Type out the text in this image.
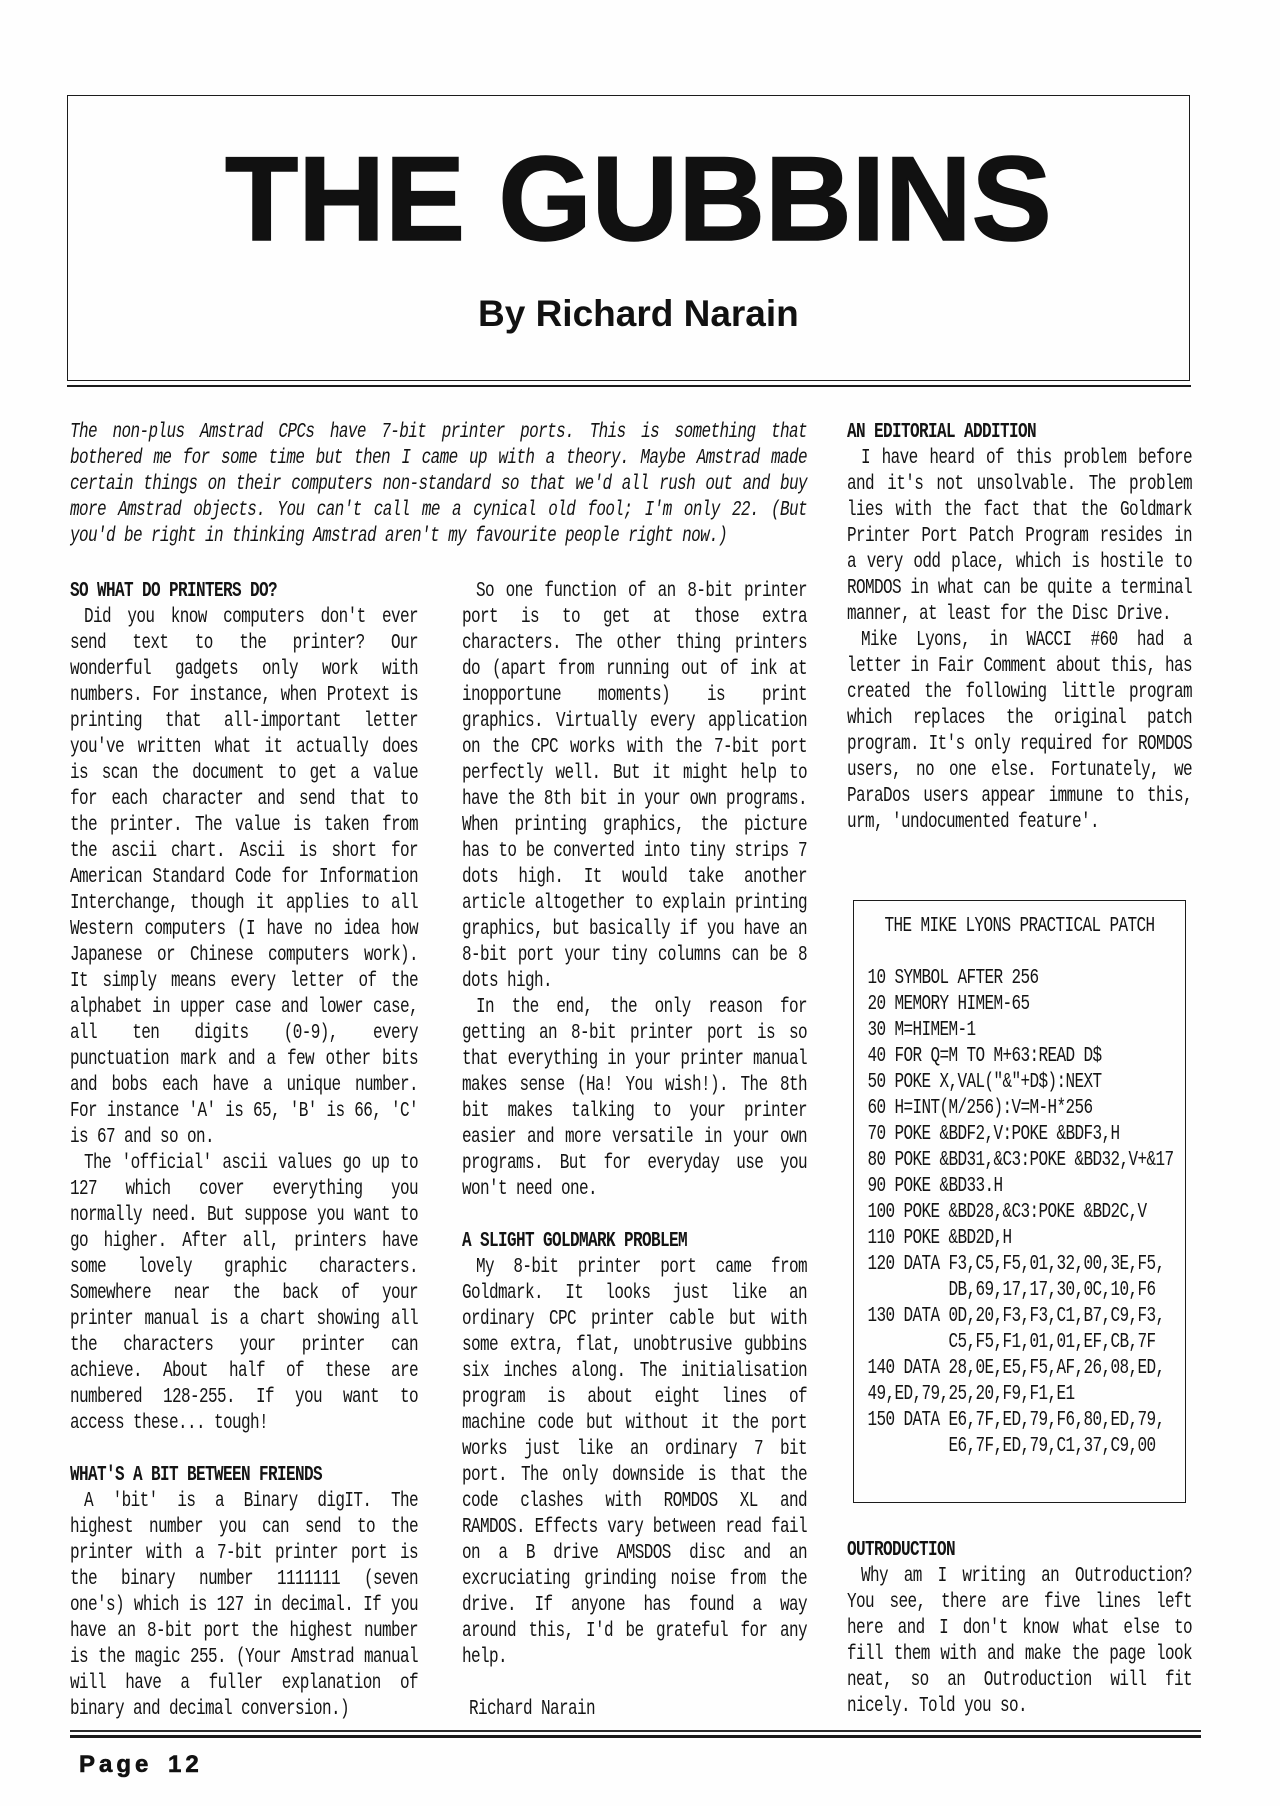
THE GUBBINS
By Richard Narain
The non-plus Amstrad CPCs have 7-bit printer ports. This is something that
bothered me for some time but then I came up with a theory. Maybe Amstrad made
certain things on their computers non-standard so that we'd all rush out and buy
more Amstrad objects. You can't call me a cynical old fool; I'm only 22. (But
you'd be right in thinking Amstrad aren't my favourite people right now.)
SO WHAT DO PRINTERS DO?
Did you know computers don't ever
send text to the printer? Our
wonderful gadgets only work with
numbers. For instance, when Protext is
printing that all-important letter
you've written what it actually does
is scan the document to get a value
for each character and send that to
the printer. The value is taken from
the ascii chart. Ascii is short for
American Standard Code for Information
Interchange, though it applies to all
Western computers (I have no idea how
Japanese or Chinese computers work).
It simply means every letter of the
alphabet in upper case and lower case,
all ten digits (0-9), every
punctuation mark and a few other bits
and bobs each have a unique number.
For instance 'A' is 65, 'B' is 66, 'C'
is 67 and so on.
The 'official' ascii values go up to
127 which cover everything you
normally need. But suppose you want to
go higher. After all, printers have
some lovely graphic characters.
Somewhere near the back of your
printer manual is a chart showing all
the characters your printer can
achieve. About half of these are
numbered 128-255. If you want to
access these... tough!
WHAT'S A BIT BETWEEN FRIENDS
A 'bit' is a Binary digIT. The
highest number you can send to the
printer with a 7-bit printer port is
the binary number 1111111 (seven
one's) which is 127 in decimal. If you
have an 8-bit port the highest number
is the magic 255. (Your Amstrad manual
will have a fuller explanation of
binary and decimal conversion.)
So one function of an 8-bit printer
port is to get at those extra
characters. The other thing printers
do (apart from running out of ink at
inopportune moments) is print
graphics. Virtually every application
on the CPC works with the 7-bit port
perfectly well. But it might help to
have the 8th bit in your own programs.
When printing graphics, the picture
has to be converted into tiny strips 7
dots high. It would take another
article altogether to explain printing
graphics, but basically if you have an
8-bit port your tiny columns can be 8
dots high.
In the end, the only reason for
getting an 8-bit printer port is so
that everything in your printer manual
makes sense (Ha! You wish!). The 8th
bit makes talking to your printer
easier and more versatile in your own
programs. But for everyday use you
won't need one.
A SLIGHT GOLDMARK PROBLEM
My 8-bit printer port came from
Goldmark. It looks just like an
ordinary CPC printer cable but with
some extra, flat, unobtrusive gubbins
six inches along. The initialisation
program is about eight lines of
machine code but without it the port
works just like an ordinary 7 bit
port. The only downside is that the
code clashes with ROMDOS XL and
RAMDOS. Effects vary between read fail
on a B drive AMSDOS disc and an
excruciating grinding noise from the
drive. If anyone has found a way
around this, I'd be grateful for any
help.
Richard Narain
AN EDITORIAL ADDITION
I have heard of this problem before
and it's not unsolvable. The problem
lies with the fact that the Goldmark
Printer Port Patch Program resides in
a very odd place, which is hostile to
ROMDOS in what can be quite a terminal
manner, at least for the Disc Drive.
Mike Lyons, in WACCI #60 had a
letter in Fair Comment about this, has
created the following little program
which replaces the original patch
program. It's only required for ROMDOS
users, no one else. Fortunately, we
ParaDos users appear immune to this,
urm, 'undocumented feature'.
THE MIKE LYONS PRACTICAL PATCH
10 SYMBOL AFTER 256
20 MEMORY HIMEM-65
30 M=HIMEM-1
40 FOR Q=M TO M+63:READ D$
50 POKE X,VAL("&"+D$):NEXT
60 H=INT(M/256):V=M-H*256
70 POKE &BDF2,V:POKE &BDF3,H
80 POKE &BD31,&C3:POKE &BD32,V+&17
90 POKE &BD33.H
100 POKE &BD28,&C3:POKE &BD2C,V
110 POKE &BD2D,H
120 DATA F3,C5,F5,01,32,00,3E,F5,
DB,69,17,17,30,0C,10,F6
130 DATA 0D,20,F3,F3,C1,B7,C9,F3,
C5,F5,F1,01,01,EF,CB,7F
140 DATA 28,0E,E5,F5,AF,26,08,ED,
49,ED,79,25,20,F9,F1,E1
150 DATA E6,7F,ED,79,F6,80,ED,79,
E6,7F,ED,79,C1,37,C9,00
OUTRODUCTION
Why am I writing an Outroduction?
You see, there are five lines left
here and I don't know what else to
fill them with and make the page look
neat, so an Outroduction will fit
nicely. Told you so.
Page 12
